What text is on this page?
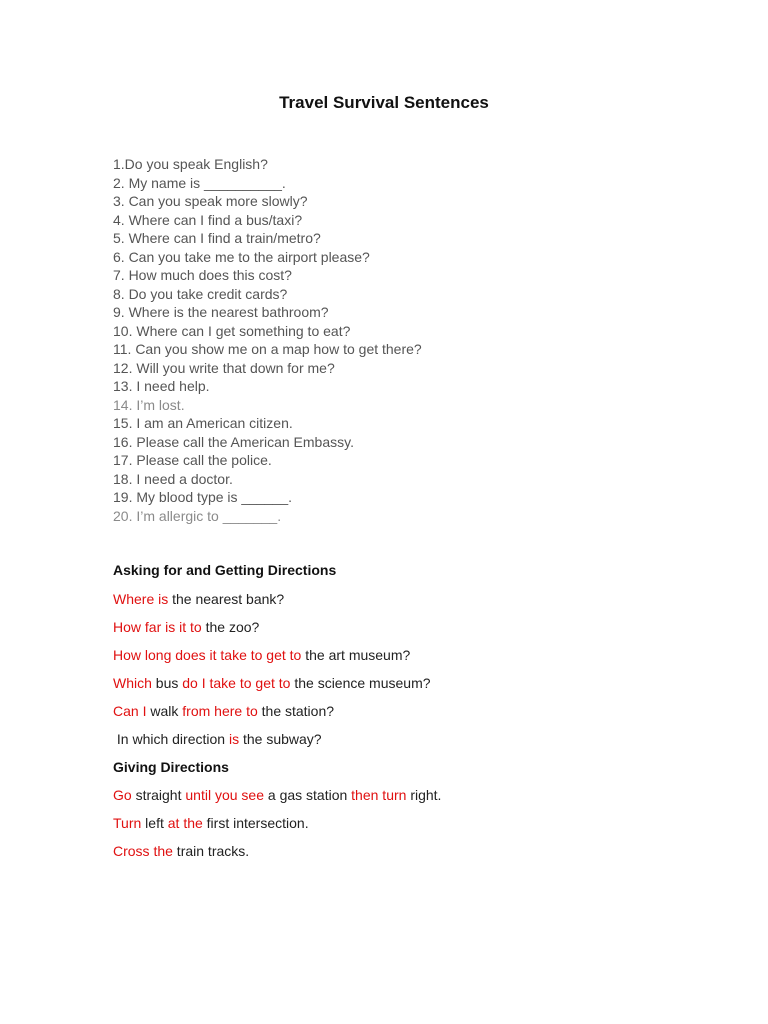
Travel Survival Sentences
1.Do you speak English?
2. My name is __________.
3. Can you speak more slowly?
4. Where can I find a bus/taxi?
5. Where can I find a train/metro?
6. Can you take me to the airport please?
7. How much does this cost?
8. Do you take credit cards?
9. Where is the nearest bathroom?
10. Where can I get something to eat?
11. Can you show me on a map how to get there?
12. Will you write that down for me?
13. I need help.
14. I’m lost.
15. I am an American citizen.
16. Please call the American Embassy.
17. Please call the police.
18. I need a doctor.
19. My blood type is ______.
20. I’m allergic to _______.
Asking for and Getting Directions
Where is the nearest bank?
How far is it to the zoo?
How long does it take to get to the art museum?
Which bus do I take to get to the science museum?
Can I walk from here to the station?
In which direction is the subway?
Giving Directions
Go straight until you see a gas station then turn right.
Turn left at the first intersection.
Cross the train tracks.
